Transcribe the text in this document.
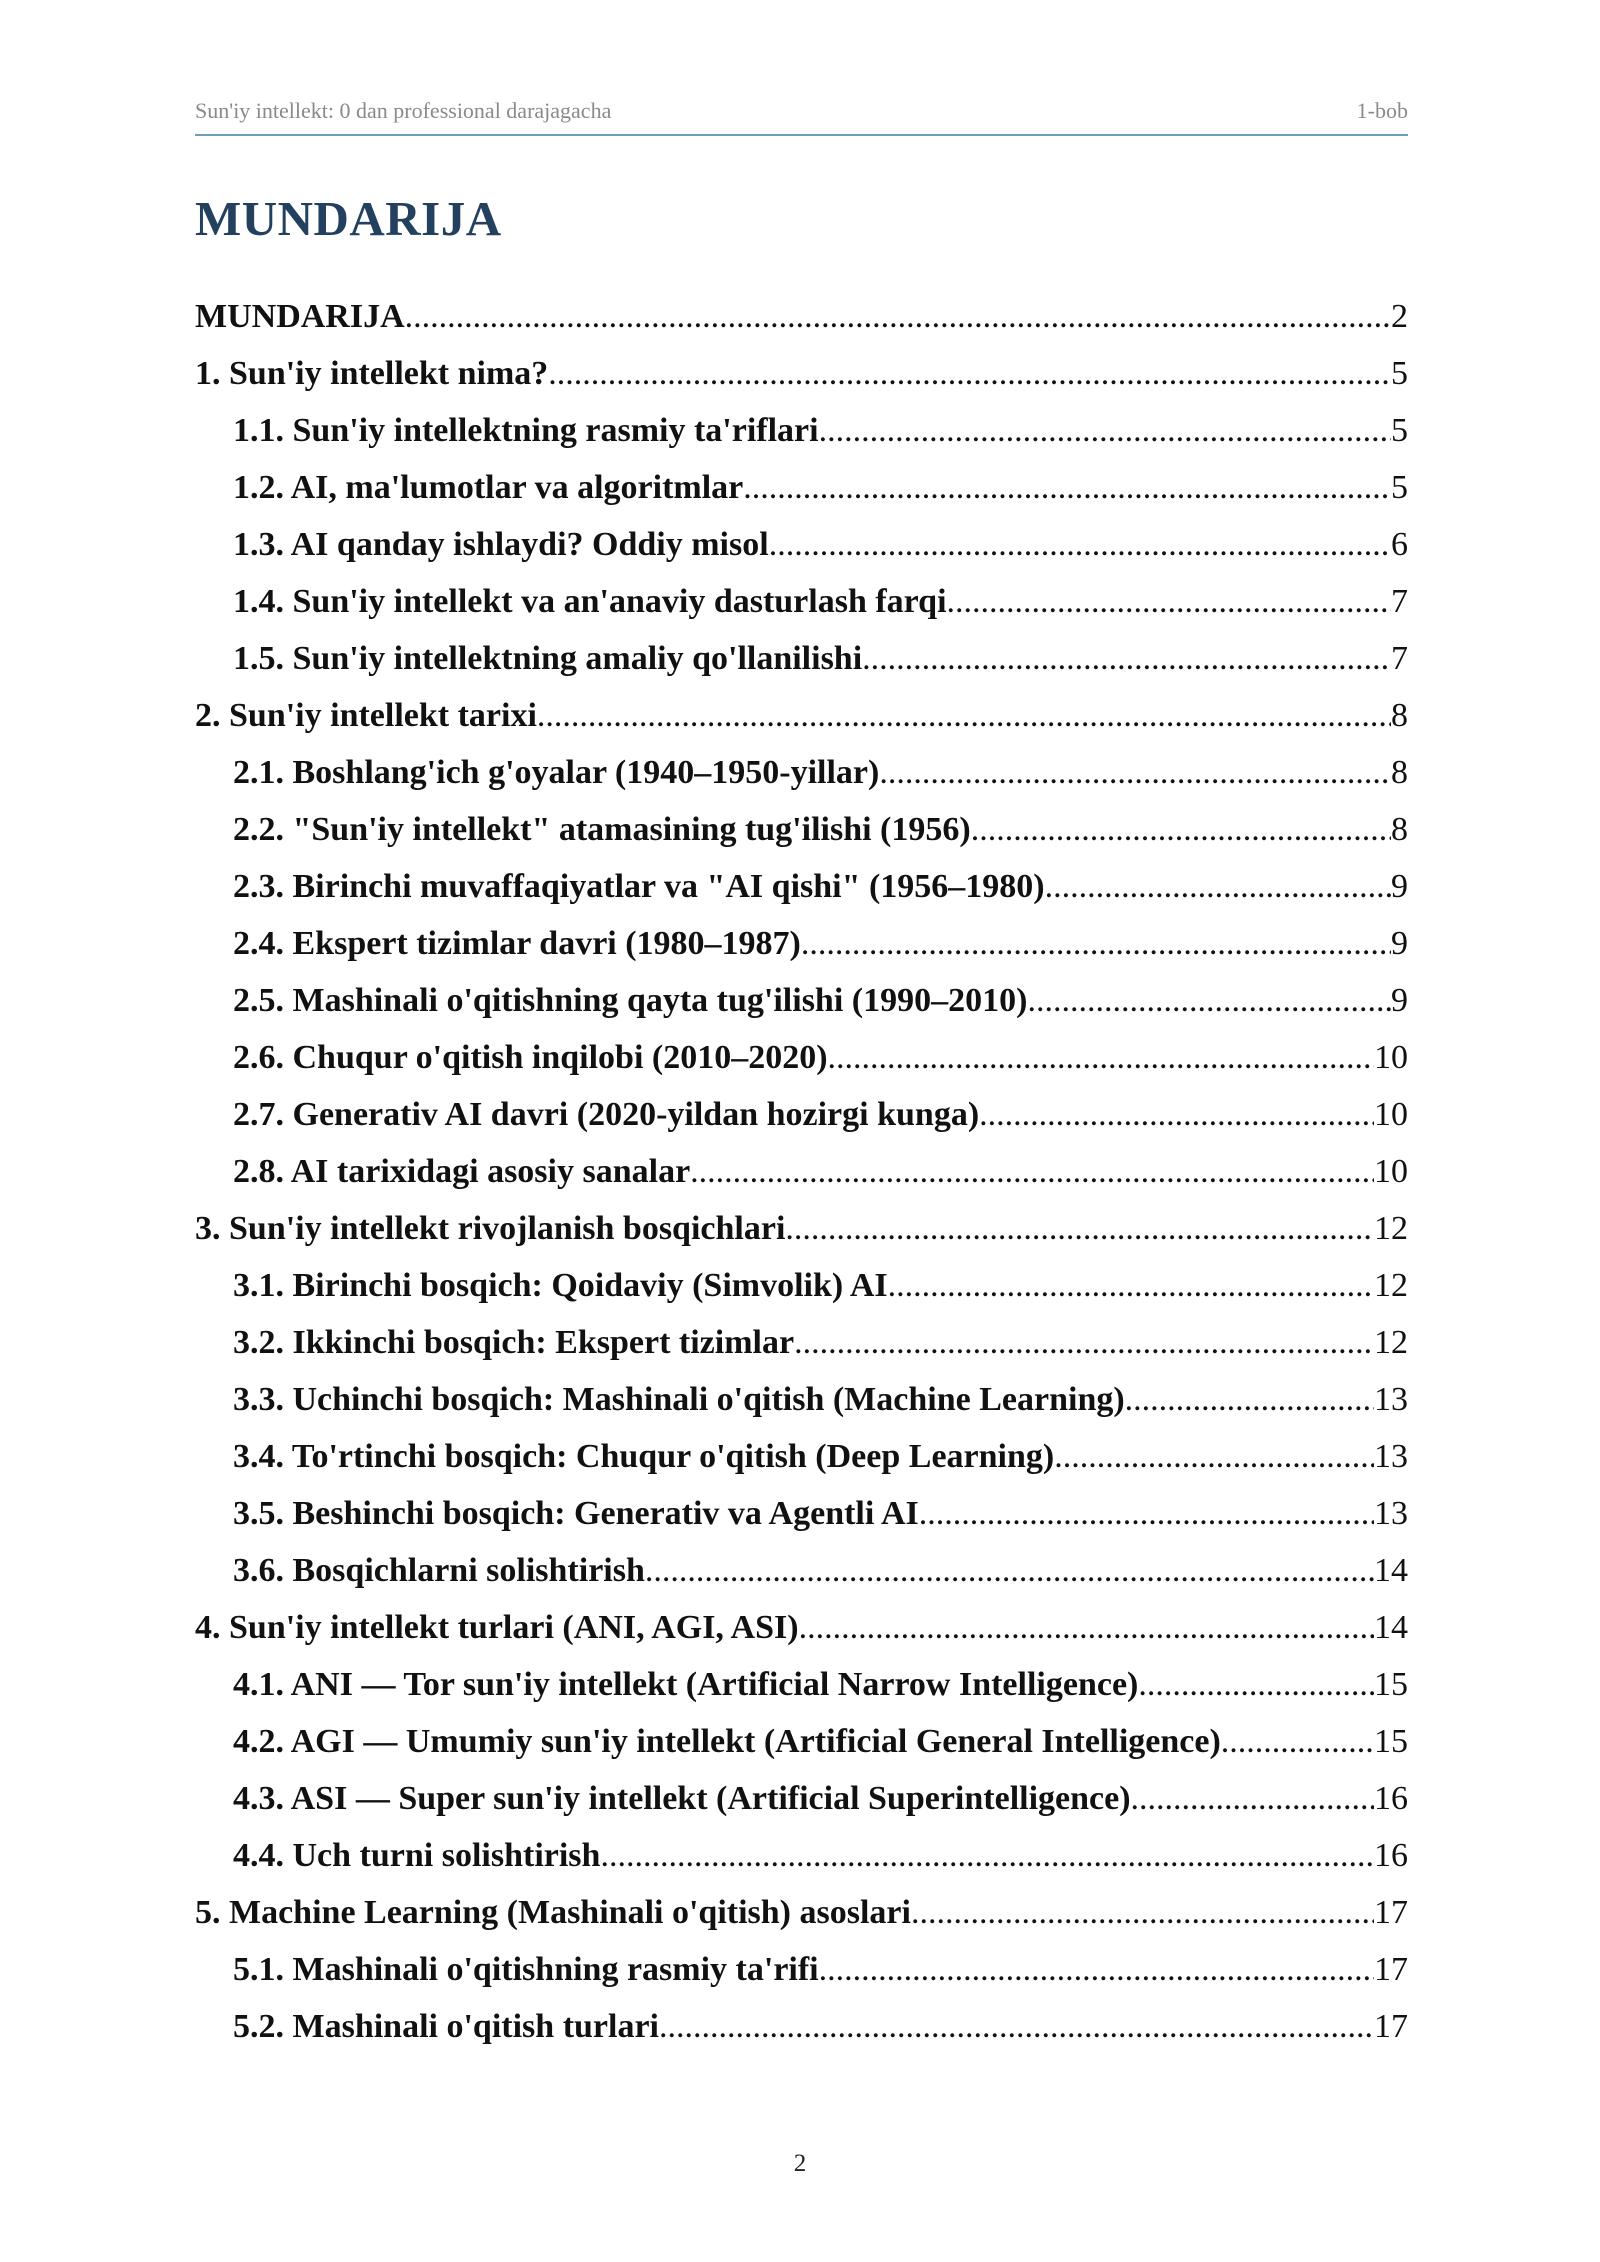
Sun'iy intellekt: 0 dan professional darajagacha	1-bob
MUNDARIJA
MUNDARIJA .....	2
1. Sun'iy intellekt nima? .....	5
1.1. Sun'iy intellektning rasmiy ta'riflari .....	5
1.2. AI, ma'lumotlar va algoritmlar .....	5
1.3. AI qanday ishlaydi? Oddiy misol .....	6
1.4. Sun'iy intellekt va an'anaviy dasturlash farqi .....	7
1.5. Sun'iy intellektning amaliy qo'llanilishi .....	7
2. Sun'iy intellekt tarixi .....	8
2.1. Boshlang'ich g'oyalar (1940–1950-yillar) .....	8
2.2. "Sun'iy intellekt" atamasining tug'ilishi (1956) .....	8
2.3. Birinchi muvaffaqiyatlar va "AI qishi" (1956–1980) .....	9
2.4. Ekspert tizimlar davri (1980–1987) .....	9
2.5. Mashinali o'qitishning qayta tug'ilishi (1990–2010) .....	9
2.6. Chuqur o'qitish inqilobi (2010–2020) .....	10
2.7. Generativ AI davri (2020-yildan hozirgi kunga) .....	10
2.8. AI tarixidagi asosiy sanalar .....	10
3. Sun'iy intellekt rivojlanish bosqichlari .....	12
3.1. Birinchi bosqich: Qoidaviy (Simvolik) AI .....	12
3.2. Ikkinchi bosqich: Ekspert tizimlar .....	12
3.3. Uchinchi bosqich: Mashinali o'qitish (Machine Learning) .....	13
3.4. To'rtinchi bosqich: Chuqur o'qitish (Deep Learning) .....	13
3.5. Beshinchi bosqich: Generativ va Agentli AI .....	13
3.6. Bosqichlarni solishtirish .....	14
4. Sun'iy intellekt turlari (ANI, AGI, ASI) .....	14
4.1. ANI — Tor sun'iy intellekt (Artificial Narrow Intelligence) .....	15
4.2. AGI — Umumiy sun'iy intellekt (Artificial General Intelligence) .....	15
4.3. ASI — Super sun'iy intellekt (Artificial Superintelligence) .....	16
4.4. Uch turni solishtirish .....	16
5. Machine Learning (Mashinali o'qitish) asoslari .....	17
5.1. Mashinali o'qitishning rasmiy ta'rifi .....	17
5.2. Mashinali o'qitish turlari .....	17
2
